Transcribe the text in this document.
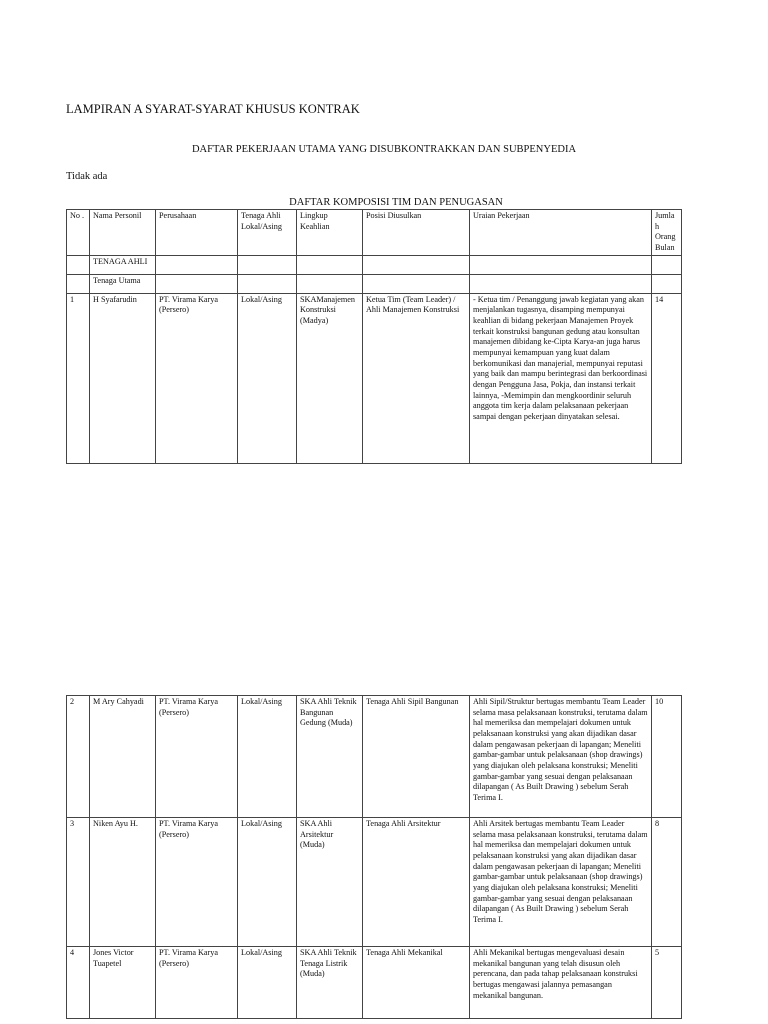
LAMPIRAN A SYARAT-SYARAT KHUSUS KONTRAK
DAFTAR PEKERJAAN UTAMA YANG DISUBKONTRAKKAN DAN SUBPENYEDIA
Tidak ada
DAFTAR KOMPOSISI TIM DAN PENUGASAN
No .	Nama Personil	Perusahaan	Tenaga Ahli Lokal/Asing	Lingkup Keahlian	Posisi Diusulkan	Uraian Pekerjaan	Jumlah Orang Bulan
	TENAGA AHLI						
	Tenaga Utama						
1	H Syafarudin	PT. Virama Karya (Persero)	Lokal/Asing	SKAManajemen Konstruksi (Madya)	Ketua Tim (Team Leader) / Ahli Manajemen Konstruksi	- Ketua tim / Penanggung jawab kegiatan yang akan menjalankan tugasnya, disamping mempunyai keahlian di bidang pekerjaan Manajemen Proyek terkait konstruksi bangunan gedung atau konsultan manajemen dibidang ke-Cipta Karya-an juga harus mempunyai kemampuan yang kuat dalam berkomunikasi dan manajerial, mempunyai reputasi yang baik dan mampu berintegrasi dan berkoordinasi dengan Pengguna Jasa, Pokja, dan instansi terkait lainnya, -Memimpin dan mengkoordinir seluruh anggota tim kerja dalam pelaksanaan pekerjaan sampai dengan pekerjaan dinyatakan selesai.	14
2	M Ary Cahyadi	PT. Virama Karya (Persero)	Lokal/Asing	SKA Ahli Teknik Bangunan Gedung (Muda)	Tenaga Ahli Sipil Bangunan	Ahli Sipil/Struktur bertugas membantu Team Leader selama masa pelaksanaan konstruksi, terutama dalam hal memeriksa dan mempelajari dokumen untuk pelaksanaan konstruksi yang akan dijadikan dasar dalam pengawasan pekerjaan di lapangan; Meneliti gambar-gambar untuk pelaksanaan (shop drawings) yang diajukan oleh pelaksana konstruksi; Meneliti gambar-gambar yang sesuai dengan pelaksanaan dilapangan ( As Built Drawing ) sebelum Serah Terima I.	10
3	Niken Ayu H.	PT. Virama Karya (Persero)	Lokal/Asing	SKA Ahli Arsitektur (Muda)	Tenaga Ahli Arsitektur	Ahli Arsitek bertugas membantu Team Leader selama masa pelaksanaan konstruksi, terutama dalam hal memeriksa dan mempelajari dokumen untuk pelaksanaan konstruksi yang akan dijadikan dasar dalam pengawasan pekerjaan di lapangan; Meneliti gambar-gambar untuk pelaksanaan (shop drawings) yang diajukan oleh pelaksana konstruksi; Meneliti gambar-gambar yang sesuai dengan pelaksanaan dilapangan ( As Built Drawing ) sebelum Serah Terima I.	8
4	Jones Victor Tuapetel	PT. Virama Karya (Persero)	Lokal/Asing	SKA Ahli Teknik Tenaga Listrik (Muda)	Tenaga Ahli Mekanikal	Ahli Mekanikal bertugas mengevaluasi desain mekanikal bangunan yang telah disusun oleh perencana, dan pada tahap pelaksanaan konstruksi bertugas mengawasi jalannya pemasangan mekanikal bangunan.	5
